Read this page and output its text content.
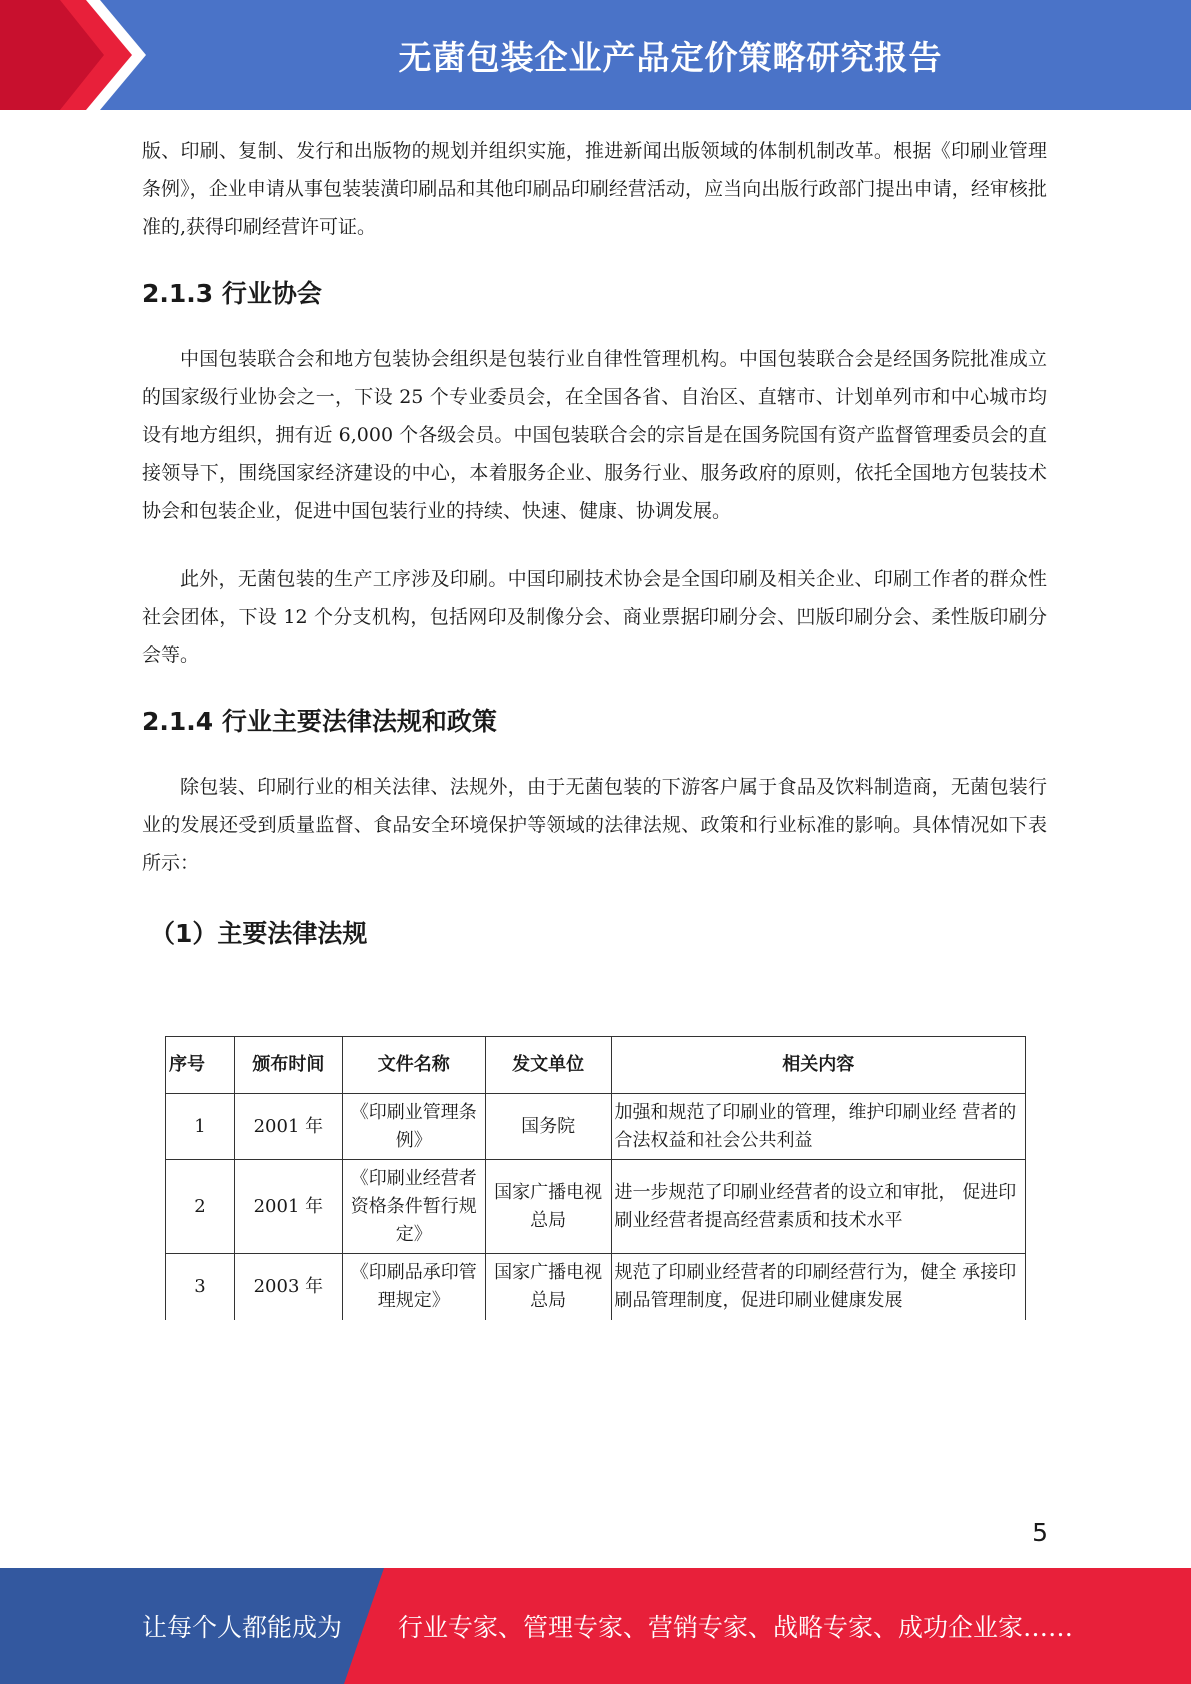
无菌包装企业产品定价策略研究报告

版、印刷、复制、发行和出版物的规划并组织实施，推进新闻出版领域的体制机制改革。根据《印刷业管理条例》，企业申请从事包装装潢印刷品和其他印刷品印刷经营活动，应当向出版行政部门提出申请，经审核批准的,获得印刷经营许可证。

2.1.3 行业协会

中国包装联合会和地方包装协会组织是包装行业自律性管理机构。中国包装联合会是经国务院批准成立的国家级行业协会之一，下设 25 个专业委员会，在全国各省、自治区、直辖市、计划单列市和中心城市均设有地方组织，拥有近 6,000 个各级会员。中国包装联合会的宗旨是在国务院国有资产监督管理委员会的直接领导下，围绕国家经济建设的中心，本着服务企业、服务行业、服务政府的原则，依托全国地方包装技术协会和包装企业，促进中国包装行业的持续、快速、健康、协调发展。

此外，无菌包装的生产工序涉及印刷。中国印刷技术协会是全国印刷及相关企业、印刷工作者的群众性社会团体，下设 12 个分支机构，包括网印及制像分会、商业票据印刷分会、凹版印刷分会、柔性版印刷分会等。

2.1.4 行业主要法律法规和政策

除包装、印刷行业的相关法律、法规外，由于无菌包装的下游客户属于食品及饮料制造商，无菌包装行业的发展还受到质量监督、食品安全环境保护等领域的法律法规、政策和行业标准的影响。具体情况如下表所示：

（1）主要法律法规
序号	颁布时间	文件名称	发文单位	相关内容
1	2001 年	《印刷业管理条例》	国务院	加强和规范了印刷业的管理，维护印刷业经 营者的合法权益和社会公共利益
2	2001 年	《印刷业经营者资格条件暂行规定》	国家广播电视总局	进一步规范了印刷业经营者的设立和审批， 促进印刷业经营者提高经营素质和技术水平
3	2003 年	《印刷品承印管理规定》	国家广播电视总局	规范了印刷业经营者的印刷经营行为，健全 承接印刷品管理制度，促进印刷业健康发展
5
让每个人都能成为 行业专家、管理专家、营销专家、战略专家、成功企业家……
